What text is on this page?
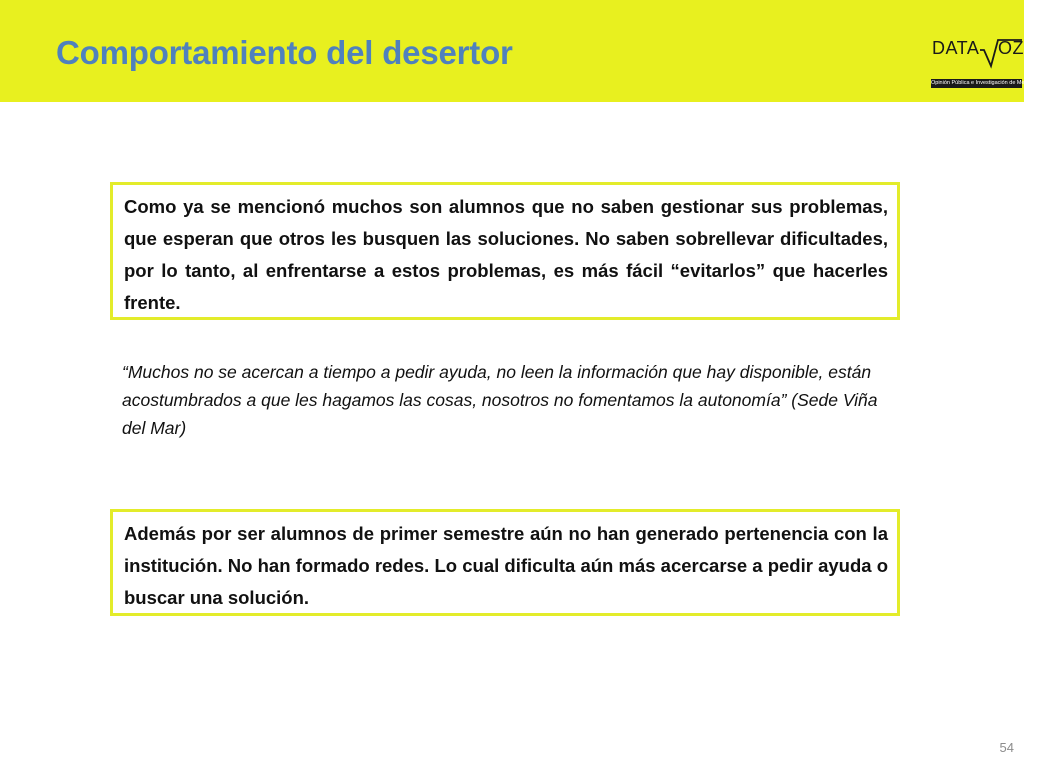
Comportamiento del desertor	DATA OZ
Opinión Pública e Investigación de Mercado
Como ya se mencionó muchos son alumnos que no saben gestionar sus problemas, que esperan que otros les busquen las soluciones. No saben sobrellevar dificultades, por lo tanto, al enfrentarse a estos problemas, es más fácil “evitarlos” que hacerles frente.
“Muchos no se acercan a tiempo a pedir ayuda, no leen la información que hay disponible, están acostumbrados a que les hagamos las cosas, nosotros no fomentamos la autonomía” (Sede Viña del Mar)
Además por ser alumnos de primer semestre aún no han generado pertenencia con la institución. No han formado redes. Lo cual dificulta aún más acercarse a pedir ayuda o buscar una solución.
54
